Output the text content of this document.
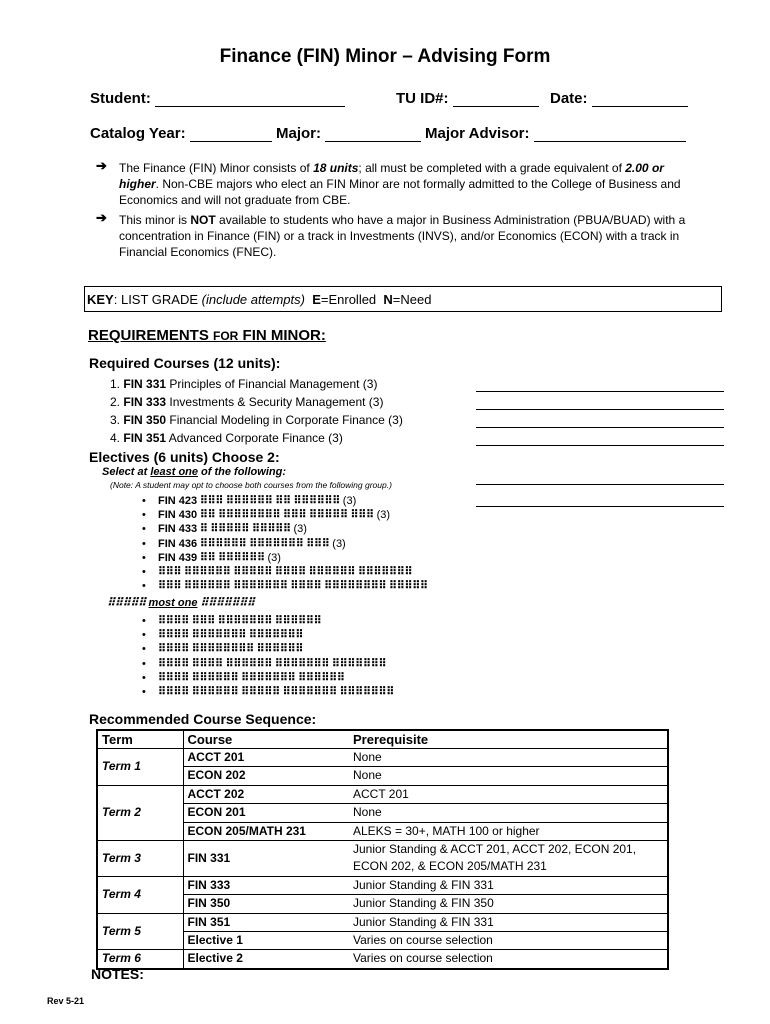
Finance (FIN) Minor – Advising Form
Student:	TU ID#:	Date:
Catalog Year:	Major:	Major Advisor:
➔ The Finance (FIN) Minor consists of 18 units; all must be completed with a grade equivalent of 2.00 or
higher. Non-CBE majors who elect an FIN Minor are not formally admitted to the College of Business and
Economics and will not graduate from CBE.
➔ This minor is NOT available to students who have a major in Business Administration (PBUA/BUAD) with a
concentration in Finance (FIN) or a track in Investments (INVS), and/or Economics (ECON) with a track in
Financial Economics (FNEC).
KEY: LIST GRADE (include attempts) E=Enrolled N=Need
REQUIREMENTS FOR FIN MINOR:
Required Courses (12 units):
1. FIN 331 Principles of Financial Management (3)
2. FIN 333 Investments & Security Management (3)
3. FIN 350 Financial Modeling in Corporate Finance (3)
4. FIN 351 Advanced Corporate Finance (3)
Electives (6 units) Choose 2:
Select at least one of the following:
(Note: A student may opt to choose both courses from the following group.)
• FIN 423 ⠿⠿⠿ ⠿⠿⠿⠿⠿⠿ ⠿⠿ ⠿⠿⠿⠿⠿⠿ (3)
• FIN 430 ⠿⠿ ⠿⠿⠿⠿⠿⠿⠿⠿ ⠿⠿⠿ ⠿⠿⠿⠿⠿ ⠿⠿⠿ (3)
• FIN 433 ⠿ ⠿⠿⠿⠿⠿ ⠿⠿⠿⠿⠿ (3)
• FIN 436 ⠿⠿⠿⠿⠿⠿ ⠿⠿⠿⠿⠿⠿⠿ ⠿⠿⠿ (3)
• FIN 439 ⠿⠿ ⠿⠿⠿⠿⠿⠿ (3)
• ⠿⠿⠿ ⠿⠿⠿⠿⠿⠿ ⠿⠿⠿⠿⠿ ⠿⠿⠿⠿ ⠿⠿⠿⠿⠿⠿ ⠿⠿⠿⠿⠿⠿⠿
• ⠿⠿⠿ ⠿⠿⠿⠿⠿⠿ ⠿⠿⠿⠿⠿⠿⠿ ⠿⠿⠿⠿ ⠿⠿⠿⠿⠿⠿⠿⠿ ⠿⠿⠿⠿⠿
⠿⠿⠿⠿⠿ most one ⠿⠿⠿⠿⠿⠿⠿
• ⠿⠿⠿⠿ ⠿⠿⠿ ⠿⠿⠿⠿⠿⠿⠿ ⠿⠿⠿⠿⠿⠿
• ⠿⠿⠿⠿ ⠿⠿⠿⠿⠿⠿⠿ ⠿⠿⠿⠿⠿⠿⠿
• ⠿⠿⠿⠿ ⠿⠿⠿⠿⠿⠿⠿⠿ ⠿⠿⠿⠿⠿⠿
• ⠿⠿⠿⠿ ⠿⠿⠿⠿ ⠿⠿⠿⠿⠿⠿ ⠿⠿⠿⠿⠿⠿⠿ ⠿⠿⠿⠿⠿⠿⠿
• ⠿⠿⠿⠿ ⠿⠿⠿⠿⠿⠿ ⠿⠿⠿⠿⠿⠿⠿ ⠿⠿⠿⠿⠿⠿
• ⠿⠿⠿⠿ ⠿⠿⠿⠿⠿⠿ ⠿⠿⠿⠿⠿ ⠿⠿⠿⠿⠿⠿⠿ ⠿⠿⠿⠿⠿⠿⠿
Recommended Course Sequence:
Term	Course	Prerequisite
Term 1	ACCT 201	None
	ECON 202	None
Term 2	ACCT 202	ACCT 201
	ECON 201	None
	ECON 205/MATH 231	ALEKS = 30+, MATH 100 or higher
Term 3	FIN 331	Junior Standing & ACCT 201, ACCT 202, ECON 201, ECON 202, & ECON 205/MATH 231
Term 4	FIN 333	Junior Standing & FIN 331
	FIN 350	Junior Standing & FIN 350
Term 5	FIN 351	Junior Standing & FIN 331
	Elective 1	Varies on course selection
Term 6	Elective 2	Varies on course selection
NOTES:
Rev 5-21
